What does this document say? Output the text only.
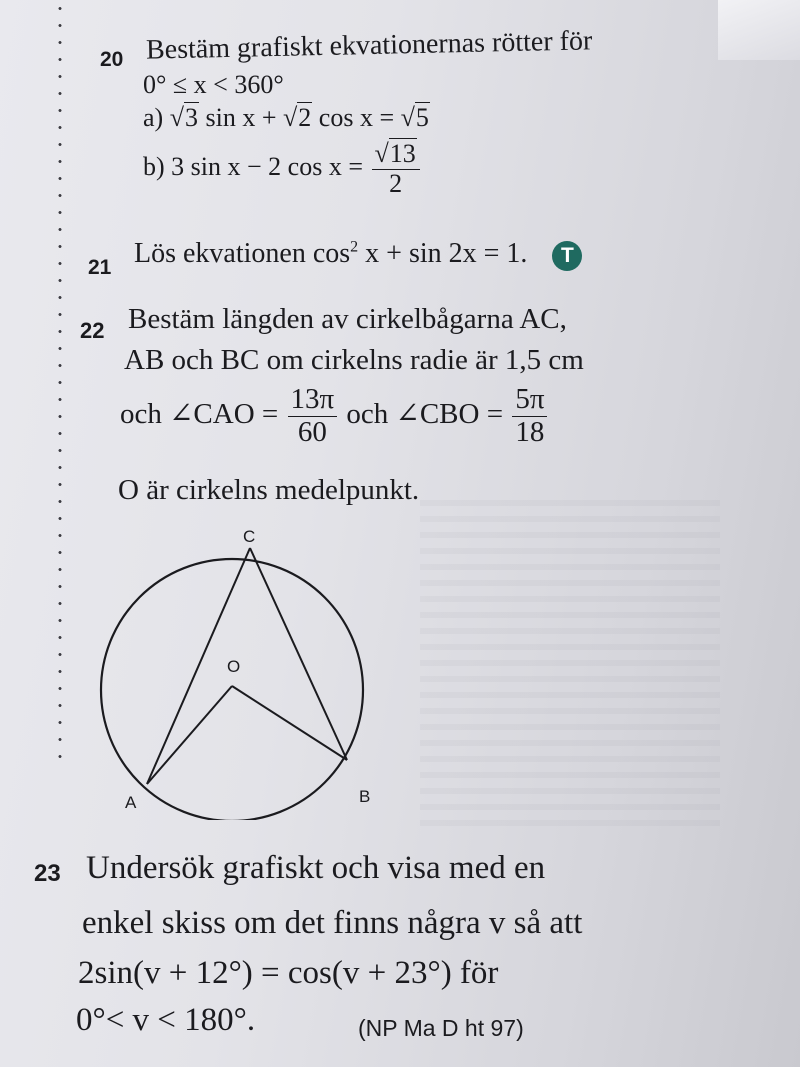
20 Bestäm grafiskt ekvationernas rötter för
0° ≤ x < 360°
a) √3 sin x + √2 cos x = √5
b) 3 sin x − 2 $\cos x = \frac{√13}{2}$
21 Lös ekvationen $\cos^2 x + \sin 2x = 1$. T
22 Bestäm längden av cirkelbågarna AC,
AB och BC om cirkelns radie är 1,5 cm
och ∠CAO = $\frac{13\pi}{60}$ och ∠CBO = $\frac{5\pi}{18}$
O är cirkelns medelpunkt.
C
O
A	B
23 Undersök grafiskt och visa med en
enkel skiss om det finns några v så att
2sin(v + 12°) = cos(v + 23°) för
0°< v < 180°.	(NP Ma D ht 97)
